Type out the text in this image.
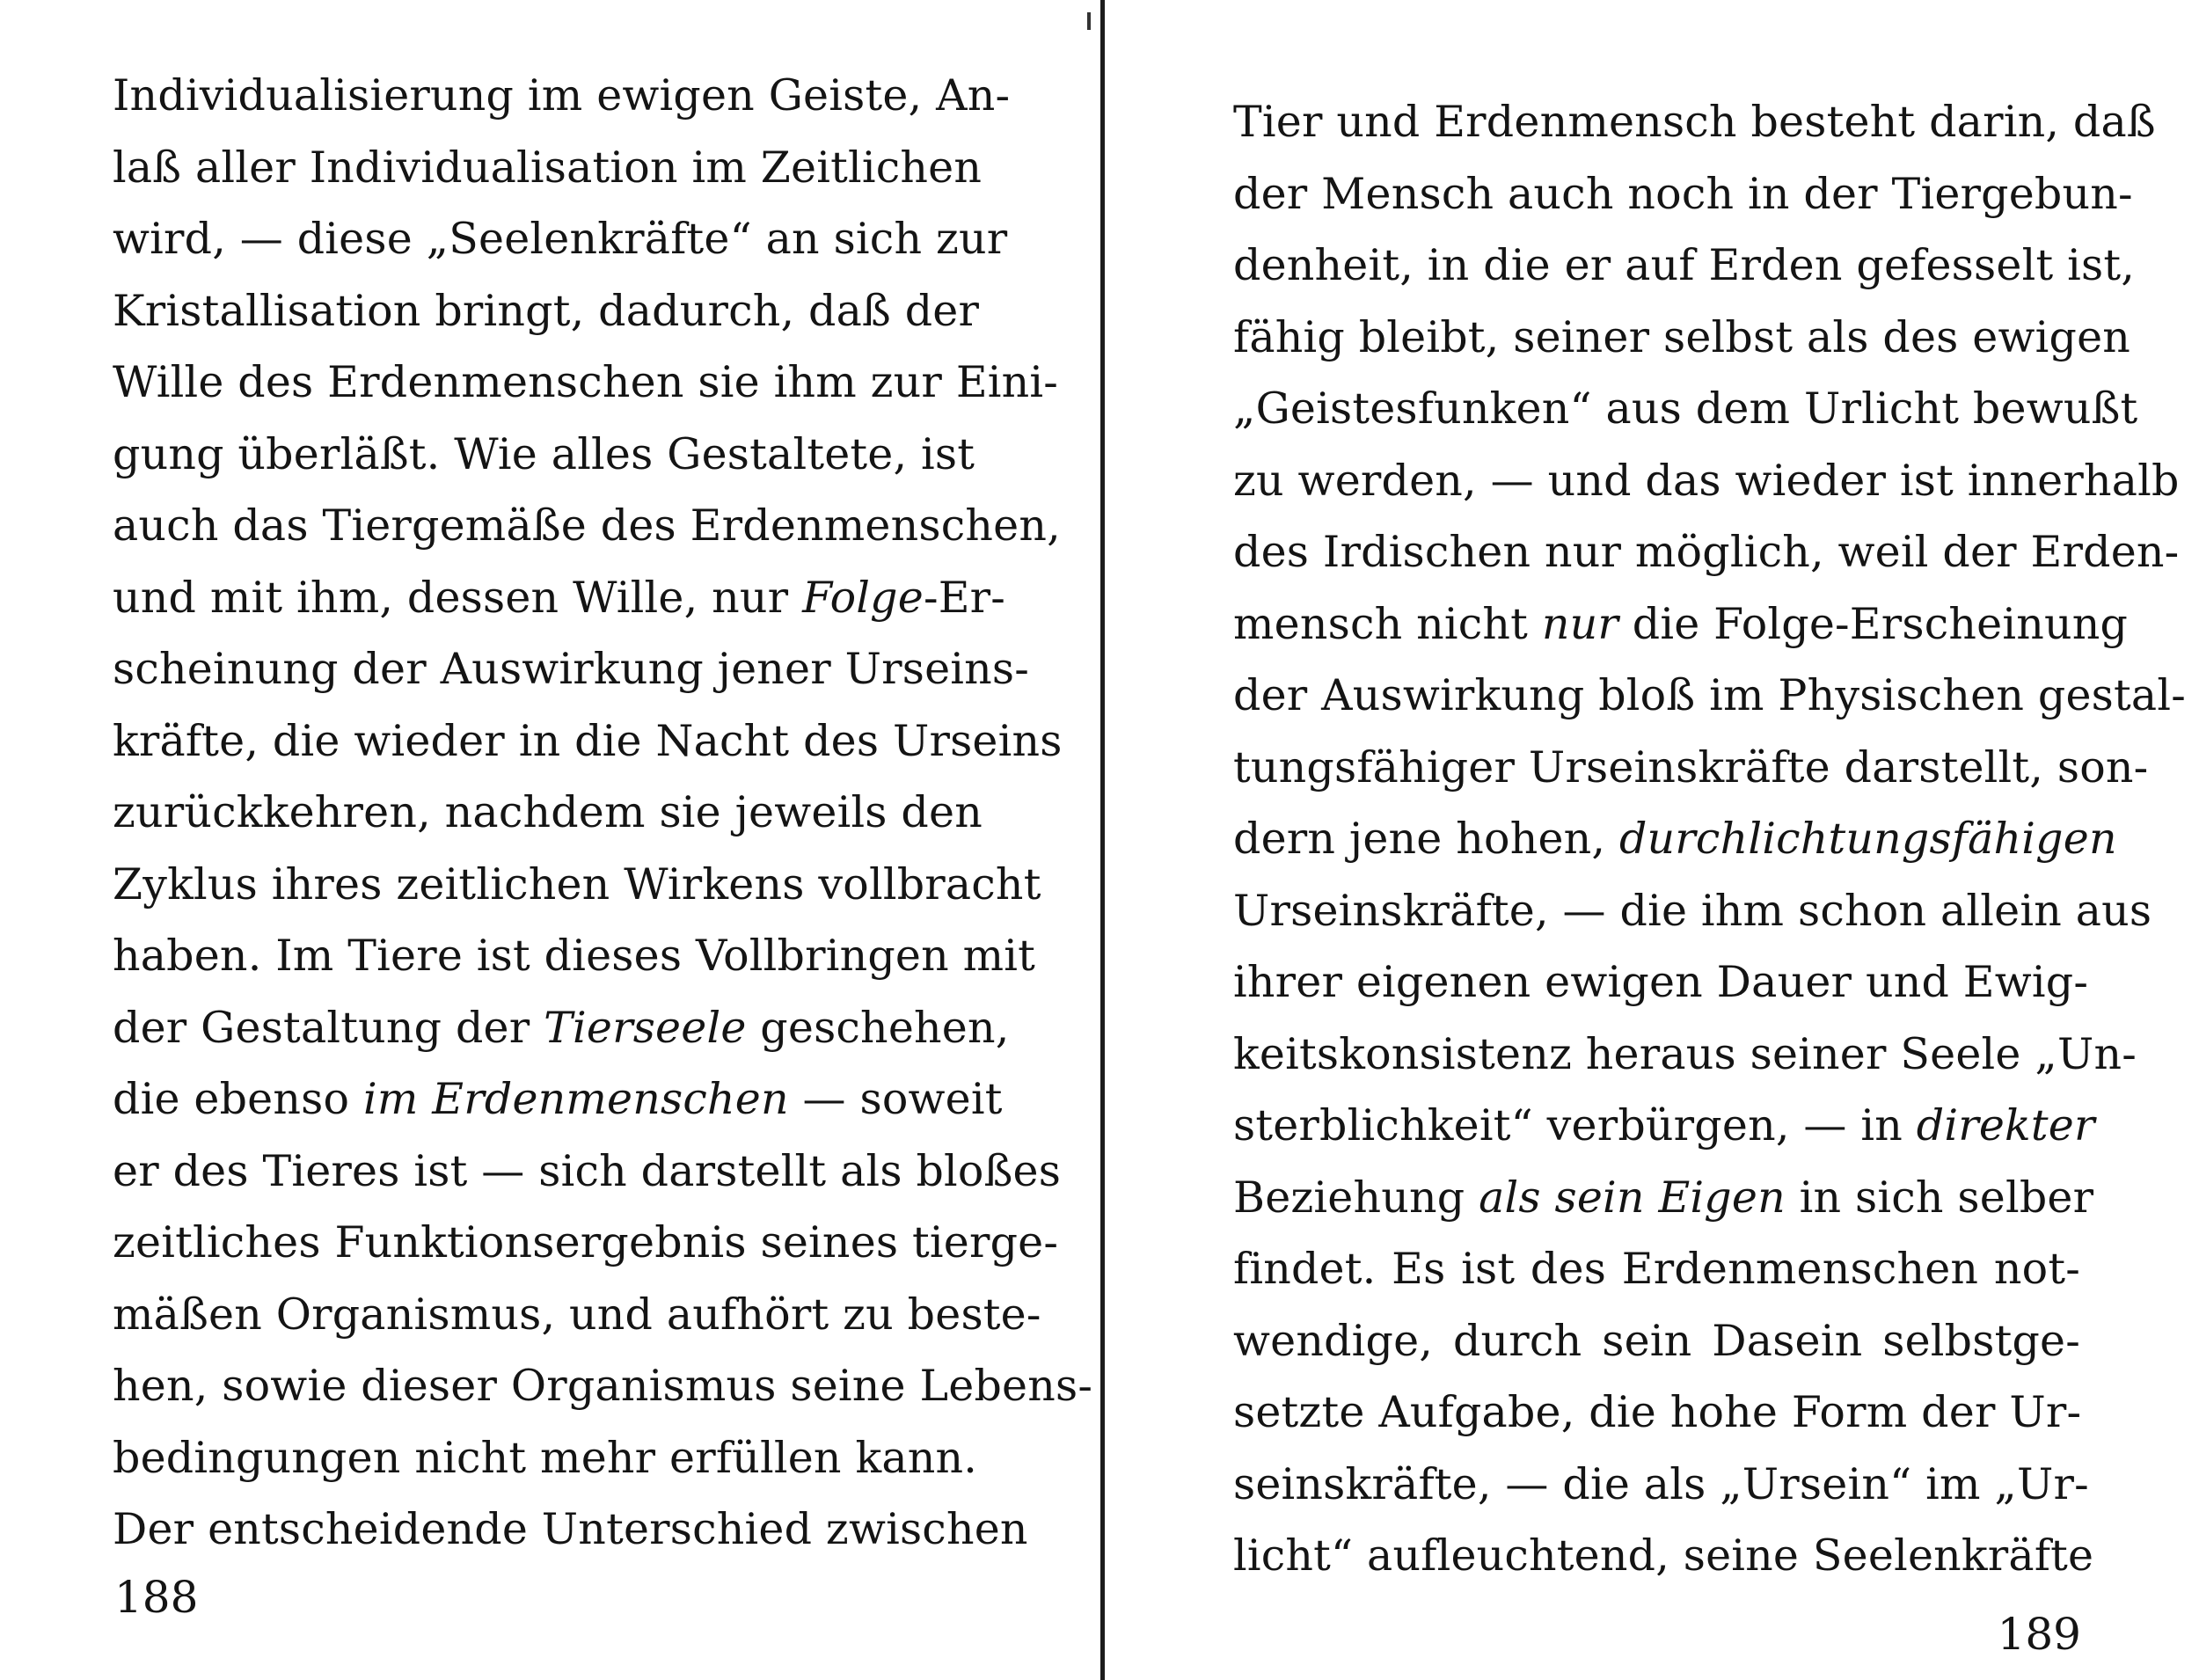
Individualisierung im ewigen Geiste, An-
laß aller Individualisation im Zeitlichen
wird, — diese „Seelenkräfte“ an sich zur
Kristallisation bringt, dadurch, daß der
Wille des Erdenmenschen sie ihm zur Eini-
gung überläßt. Wie alles Gestaltete, ist
auch das Tiergemäße des Erdenmenschen,
und mit ihm, dessen Wille, nur Folge-Er-
scheinung der Auswirkung jener Urseins-
kräfte, die wieder in die Nacht des Urseins
zurückkehren, nachdem sie jeweils den
Zyklus ihres zeitlichen Wirkens vollbracht
haben. Im Tiere ist dieses Vollbringen mit
der Gestaltung der Tierseele geschehen,
die ebenso im Erdenmenschen — soweit
er des Tieres ist — sich darstellt als bloßes
zeitliches Funktionsergebnis seines tierge-
mäßen Organismus, und aufhört zu beste-
hen, sowie dieser Organismus seine Lebens-
bedingungen nicht mehr erfüllen kann.
Der entscheidende Unterschied zwischen
188
Tier und Erdenmensch besteht darin, daß
der Mensch auch noch in der Tiergebun-
denheit, in die er auf Erden gefesselt ist,
fähig bleibt, seiner selbst als des ewigen
„Geistesfunken“ aus dem Urlicht bewußt
zu werden, — und das wieder ist innerhalb
des Irdischen nur möglich, weil der Erden-
mensch nicht nur die Folge-Erscheinung
der Auswirkung bloß im Physischen gestal-
tungsfähiger Urseinskräfte darstellt, son-
dern jene hohen, durchlichtungsfähigen
Urseinskräfte, — die ihm schon allein aus
ihrer eigenen ewigen Dauer und Ewig-
keitskonsistenz heraus seiner Seele „Un-
sterblichkeit“ verbürgen, — in direkter
Beziehung als sein Eigen in sich selber
findet. Es ist des Erdenmenschen not-
wendige, durch sein Dasein selbstge-
setzte Aufgabe, die hohe Form der Ur-
seinskräfte, — die als „Ursein“ im „Ur-
licht“ aufleuchtend, seine Seelenkräfte
189
